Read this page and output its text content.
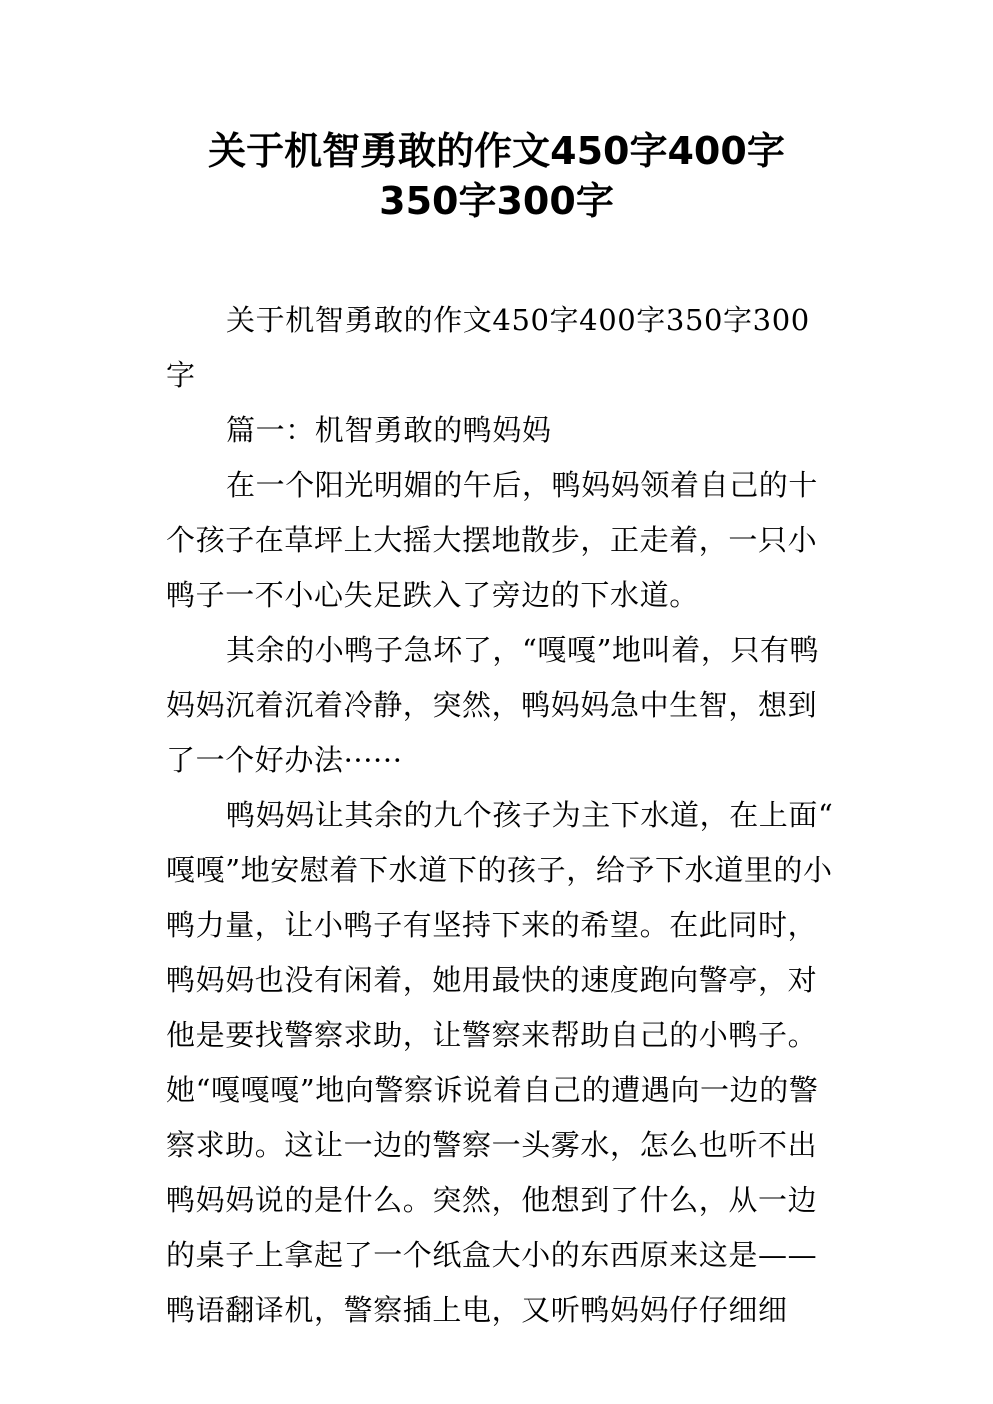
关于机智勇敢的作文450字400字
350字300字

关于机智勇敢的作文450字400字350字300字

篇一：机智勇敢的鸭妈妈

在一个阳光明媚的午后，鸭妈妈领着自己的十个孩子在草坪上大摇大摆地散步，正走着，一只小鸭子一不小心失足跌入了旁边的下水道。

其余的小鸭子急坏了，“嘎嘎”地叫着，只有鸭妈妈沉着沉着冷静，突然，鸭妈妈急中生智，想到了一个好办法······

鸭妈妈让其余的九个孩子为主下水道，在上面“嘎嘎”地安慰着下水道下的孩子，给予下水道里的小鸭力量，让小鸭子有坚持下来的希望。在此同时，鸭妈妈也没有闲着，她用最快的速度跑向警亭，对他是要找警察求助，让警察来帮助自己的小鸭子。她“嘎嘎嘎”地向警察诉说着自己的遭遇向一边的警察求助。这让一边的警察一头雾水，怎么也听不出鸭妈妈说的是什么。突然，他想到了什么，从一边的桌子上拿起了一个纸盒大小的东西原来这是——鸭语翻译机，警察插上电，又听鸭妈妈仔仔细细
